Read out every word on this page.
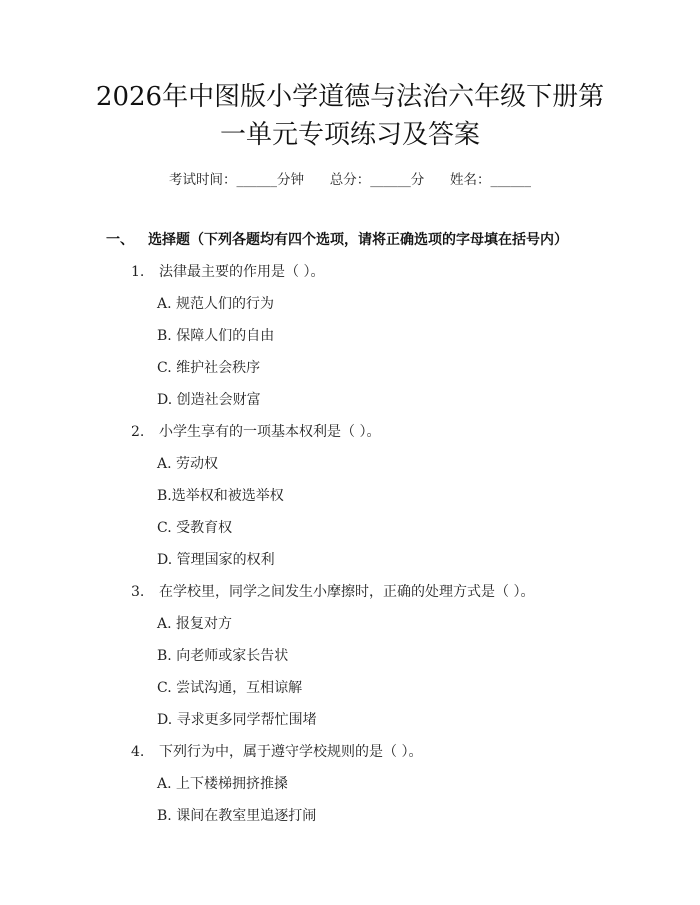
2026年中图版小学道德与法治六年级下册第
一单元专项练习及答案
考试时间：______分钟 总分：______分 姓名：______
一、 选择题（下列各题均有四个选项，请将正确选项的字母填在括号内）
1. 法律最主要的作用是（ ）。
A. 规范人们的行为
B. 保障人们的自由
C. 维护社会秩序
D. 创造社会财富
2. 小学生享有的一项基本权利是（ ）。
A. 劳动权
B.选举权和被选举权
C. 受教育权
D. 管理国家的权利
3. 在学校里，同学之间发生小摩擦时，正确的处理方式是（ ）。
A. 报复对方
B. 向老师或家长告状
C. 尝试沟通，互相谅解
D. 寻求更多同学帮忙围堵
4. 下列行为中，属于遵守学校规则的是（ ）。
A. 上下楼梯拥挤推搡
B. 课间在教室里追逐打闹
